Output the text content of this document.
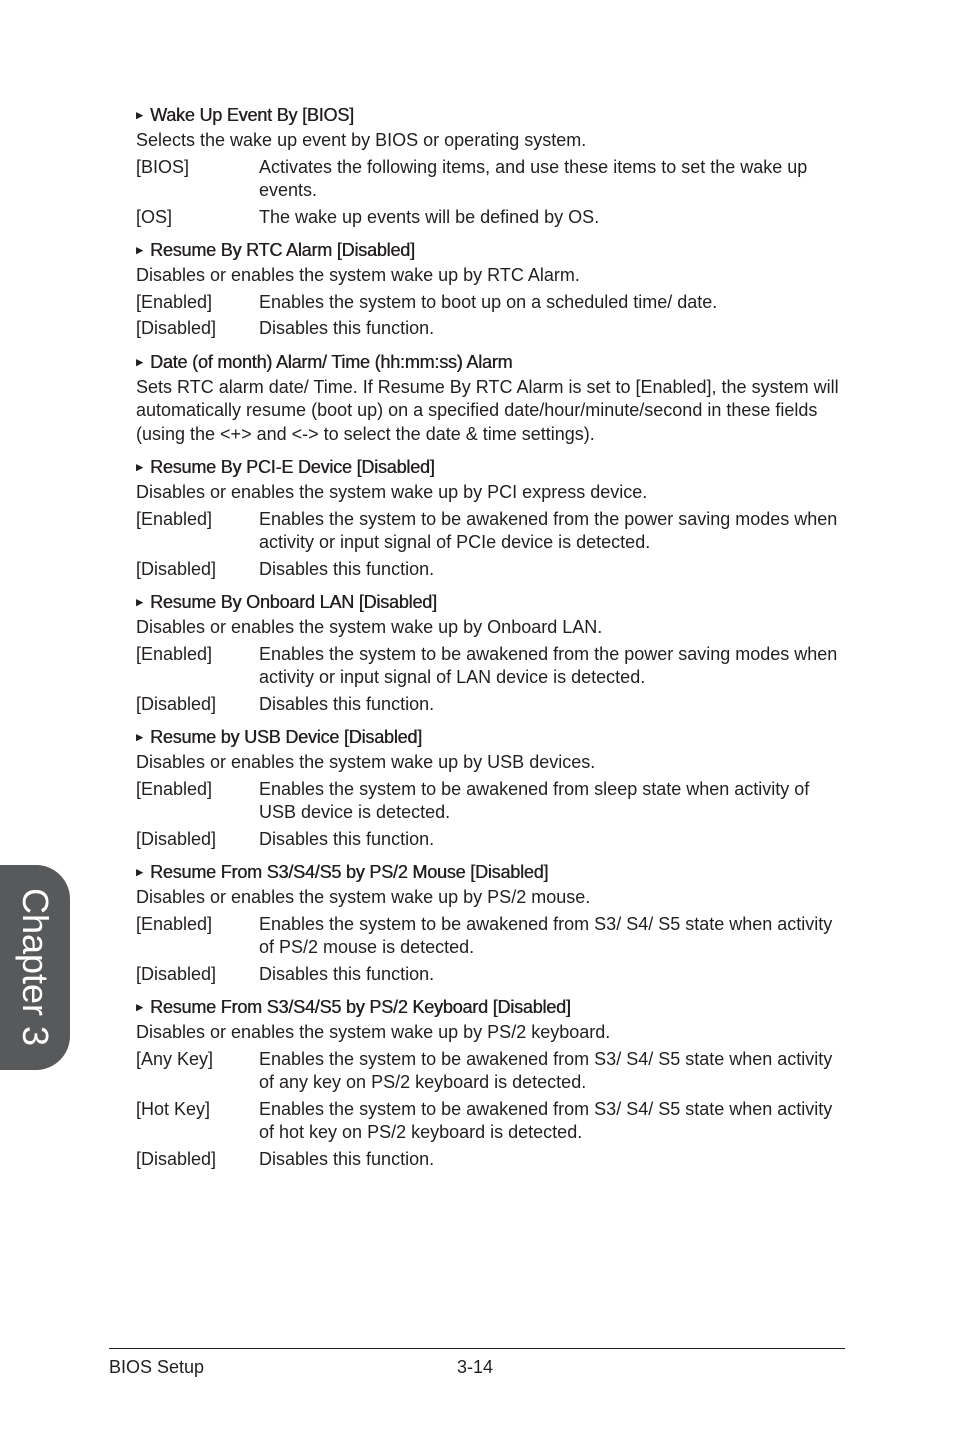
▶ Wake Up Event By [BIOS]
Selects the wake up event by BIOS or operating system.
[BIOS]	Activates the following items, and use these items to set the wake up events.
[OS]	The wake up events will be defined by OS.
▶ Resume By RTC Alarm [Disabled]
Disables or enables the system wake up by RTC Alarm.
[Enabled]	Enables the system to boot up on a scheduled time/ date.
[Disabled]	Disables this function.
▶ Date (of month) Alarm/ Time (hh:mm:ss) Alarm
Sets RTC alarm date/ Time. If Resume By RTC Alarm is set to [Enabled], the system will automatically resume (boot up) on a specified date/hour/minute/second in these fields (using the <+> and <-> to select the date & time settings).
▶ Resume By PCI-E Device [Disabled]
Disables or enables the system wake up by PCI express device.
[Enabled]	Enables the system to be awakened from the power saving modes when activity or input signal of PCIe device is detected.
[Disabled]	Disables this function.
▶ Resume By Onboard LAN [Disabled]
Disables or enables the system wake up by Onboard LAN.
[Enabled]	Enables the system to be awakened from the power saving modes when activity or input signal of LAN device is detected.
[Disabled]	Disables this function.
▶ Resume by USB Device [Disabled]
Disables or enables the system wake up by USB devices.
[Enabled]	Enables the system to be awakened from sleep state when activity of USB device is detected.
[Disabled]	Disables this function.
▶ Resume From S3/S4/S5 by PS/2 Mouse [Disabled]
Disables or enables the system wake up by PS/2 mouse.
[Enabled]	Enables the system to be awakened from S3/ S4/ S5 state when activity of PS/2 mouse is detected.
[Disabled]	Disables this function.
▶ Resume From S3/S4/S5 by PS/2 Keyboard [Disabled]
Disables or enables the system wake up by PS/2 keyboard.
[Any Key]	Enables the system to be awakened from S3/ S4/ S5 state when activity of any key on PS/2 keyboard is detected.
[Hot Key]	Enables the system to be awakened from S3/ S4/ S5 state when activity of hot key on PS/2 keyboard is detected.
[Disabled]	Disables this function.
Chapter 3
BIOS Setup	3-14
